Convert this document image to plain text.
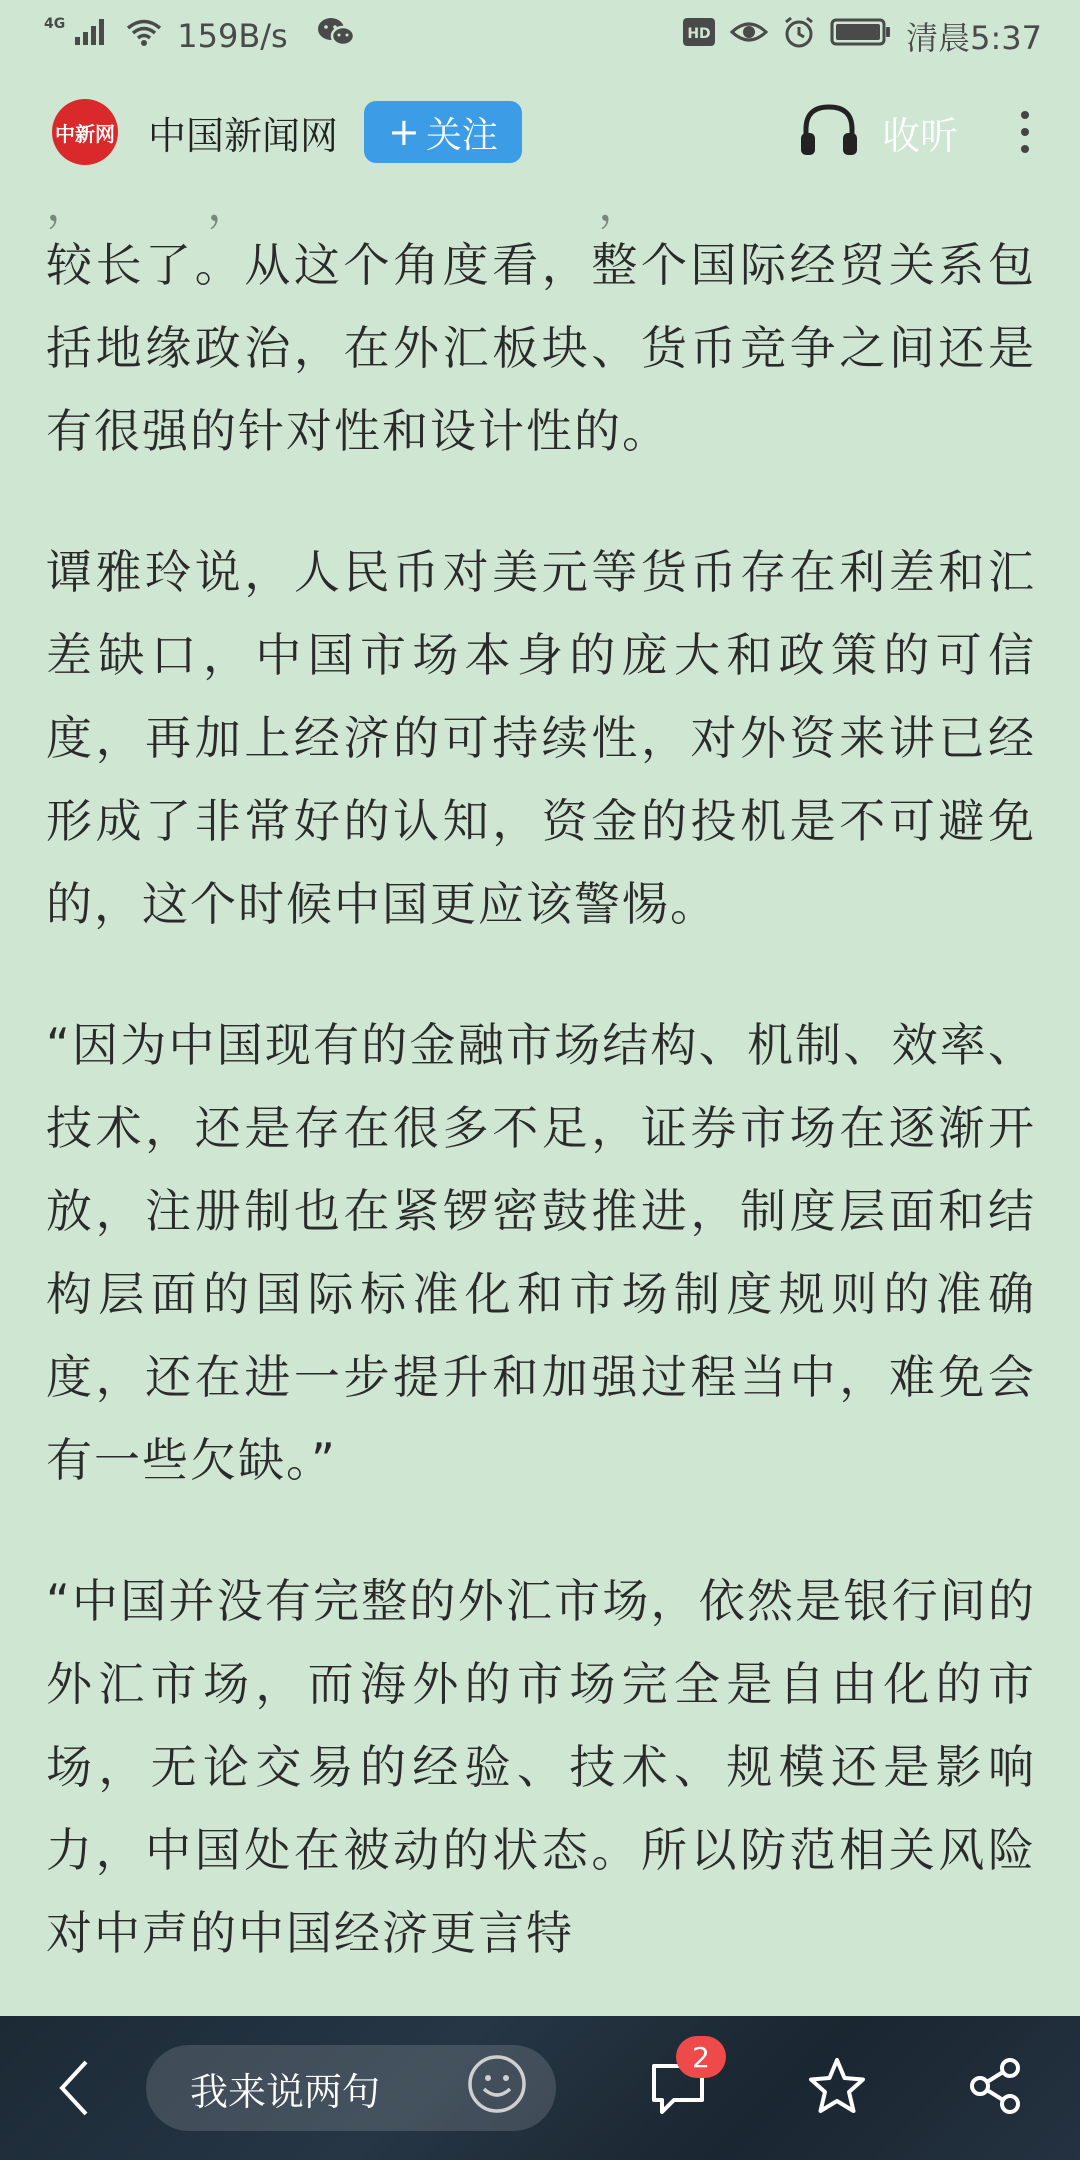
4G	159B/s	HD	清晨5:37
中新网 中国新闻网 + 关注	收听
，　　　，　　　　　　　　，　　

较长了。从这个角度看，整个国际经贸关系包括地缘政治，在外汇板块、货币竞争之间还是有很强的针对性和设计性的。

谭雅玲说，人民币对美元等货币存在利差和汇差缺口，中国市场本身的庞大和政策的可信度，再加上经济的可持续性，对外资来讲已经形成了非常好的认知，资金的投机是不可避免的，这个时候中国更应该警惕。

“因为中国现有的金融市场结构、机制、效率、技术，还是存在很多不足，证券市场在逐渐开放，注册制也在紧锣密鼓推进，制度层面和结构层面的国际标准化和市场制度规则的准确度，还在进一步提升和加强过程当中，难免会有一些欠缺。”

“中国并没有完整的外汇市场，依然是银行间的外汇市场，而海外的市场完全是自由化的市场，无论交易的经验、技术、规模还是影响力，中国处在被动的状态。所以防范相关风险对中声的中国经济更言特

我来说两句
2
